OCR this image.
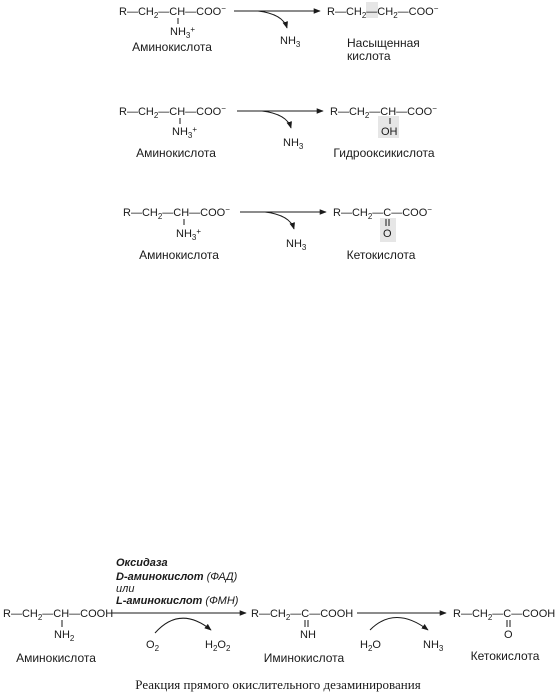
$R—CH_2—CH—COO^-$
$NH_3^+$
Аминокислота	$NH_3$
$R—CH_2—CH_2—COO^-$
Насыщенная
кислота
$R—CH_2—CH—COO^-$
$NH_3^+$
Аминокислота
$NH_3$
$R—CH_2—CH—COO^-$
OH
Гидрооксикислота
$R—CH_2—CH—COO^-$
$NH_3^+$
Аминокислота
$NH_3$
$R—CH_2—C—COO^-$
O
Кетокислота
Оксидаза
D-аминокислот (ФАД)
или
L-аминокислот (ФМН)
$R—CH_2—CH—COOH$
$NH_2$
Аминокислота
$O_2$	$H_2O_2$
$R—CH_2—C—COOH$
NH
Иминокислота
$H_2O$	$NH_3$
$R—CH_2—C—COOH$
O
Кетокислота
Реакция прямого окислительного дезаминирования
